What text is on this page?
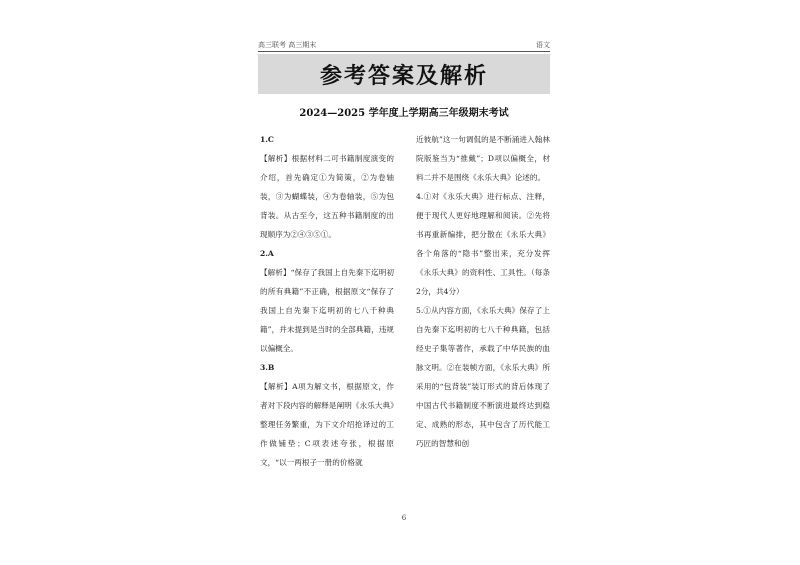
高三联考 高三期末	语文
参考答案及解析
2024—2025 学年度上学期高三年级期末考试

1.C

【解析】根据材料二可书籍制度演变的介绍，首先确定①为简策，②为卷轴装，③为蝴蝶装，④为卷轴装，⑤为包背装。从古至今，这五种书籍制度的出现顺序为②④③⑤①。

2.A

【解析】“保存了我国上自先秦下迄明初的所有典籍”不正确，根据原文“保存了我国上自先秦下迄明初的七八千种典籍”，并未提到是当时的全部典籍，违规以偏概全。

3.B

【解析】A项为解文书，根据原文，作者对下段内容的解释是阐明《永乐大典》整理任务繁重，为下文介绍抢译过的工作做铺垫；C项表述夸张，根据原文，“以一两根子一册的价格就

近彼航”这一句调侃的是不断涌进入翰林院版鉴当为“推戴”；D项以偏概全，材料二并不是围绕《永乐大典》论述的。

4.①对《永乐大典》进行标点、注释，便于现代人更好地理解和阅读。②先将书再重新编排，把分散在《永乐大典》各个角落的“隐书”整出来，充分发挥《永乐大典》的资料性、工具性。（每条2分，共4分）

5.①从内容方面，《永乐大典》保存了上自先秦下迄明初的七八千种典籍，包括经史子集等著作，承载了中华民族的血脉文明。②在装帧方面，《永乐大典》所采用的“包背装”装订形式的背后体现了中国古代书籍制度不断演进最终达到稳定、成熟的形态，其中包含了历代能工巧匠的智慧和创

6
